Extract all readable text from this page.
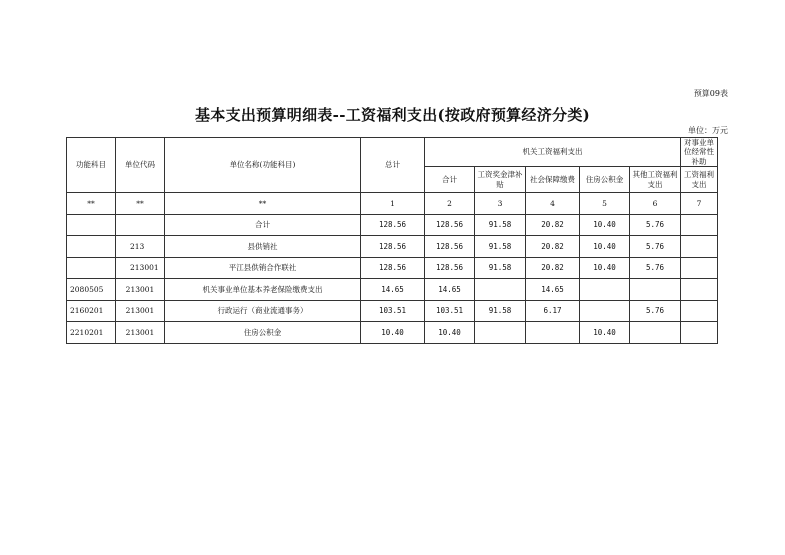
预算09表
基本支出预算明细表--工资福利支出(按政府预算经济分类)
单位：万元
功能科目	单位代码	单位名称(功能科目)	总计	机关工资福利支出					对事业单位经常性补助
				合计	工资奖金津补贴	社会保障缴费	住房公积金	其他工资福利支出	工资福利支出
**	**	**	1	2	3	4	5	6	7
		合计	128.56	128.56	91.58	20.82	10.40	5.76	
	213	县供销社	128.56	128.56	91.58	20.82	10.40	5.76	
	213001	平江县供销合作联社	128.56	128.56	91.58	20.82	10.40	5.76	
2080505	213001	机关事业单位基本养老保险缴费支出	14.65	14.65		14.65			
2160201	213001	行政运行（商业流通事务）	103.51	103.51	91.58	6.17		5.76	
2210201	213001	住房公积金	10.40	10.40			10.40		
